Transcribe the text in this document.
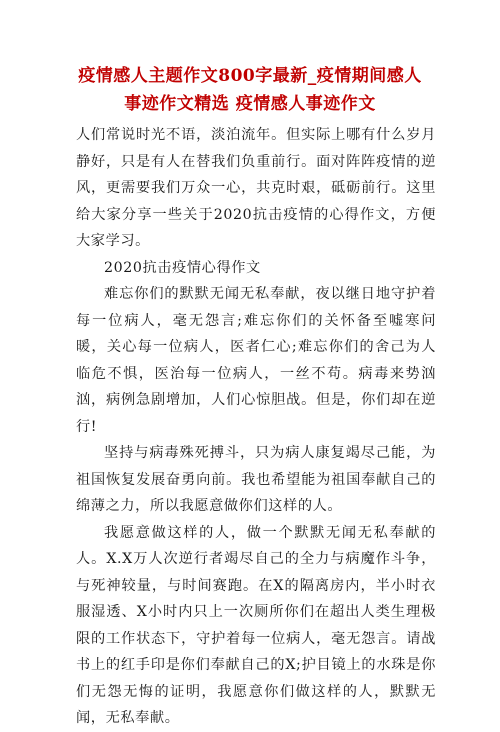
疫情感人主题作文800字最新_疫情期间感人事迹作文精选 疫情感人事迹作文

人们常说时光不语，淡泊流年。但实际上哪有什么岁月静好，只是有人在替我们负重前行。面对阵阵疫情的逆风，更需要我们万众一心，共克时艰，砥砺前行。这里给大家分享一些关于2020抗击疫情的心得作文，方便大家学习。

2020抗击疫情心得作文

难忘你们的默默无闻无私奉献，夜以继日地守护着每一位病人，毫无怨言;难忘你们的关怀备至嘘寒问暖，关心每一位病人，医者仁心;难忘你们的舍己为人临危不惧，医治每一位病人，一丝不苟。病毒来势汹汹，病例急剧增加，人们心惊胆战。但是，你们却在逆行!

坚持与病毒殊死搏斗，只为病人康复竭尽己能，为祖国恢复发展奋勇向前。我也希望能为祖国奉献自己的绵薄之力，所以我愿意做你们这样的人。

我愿意做这样的人，做一个默默无闻无私奉献的人。X.X万人次逆行者竭尽自己的全力与病魔作斗争，与死神较量，与时间赛跑。在X的隔离房内，半小时衣服湿透、X小时内只上一次厕所你们在超出人类生理极限的工作状态下，守护着每一位病人，毫无怨言。请战书上的红手印是你们奉献自己的X;护目镜上的水珠是你们无怨无悔的证明，我愿意你们做这样的人，默默无闻，无私奉献。
